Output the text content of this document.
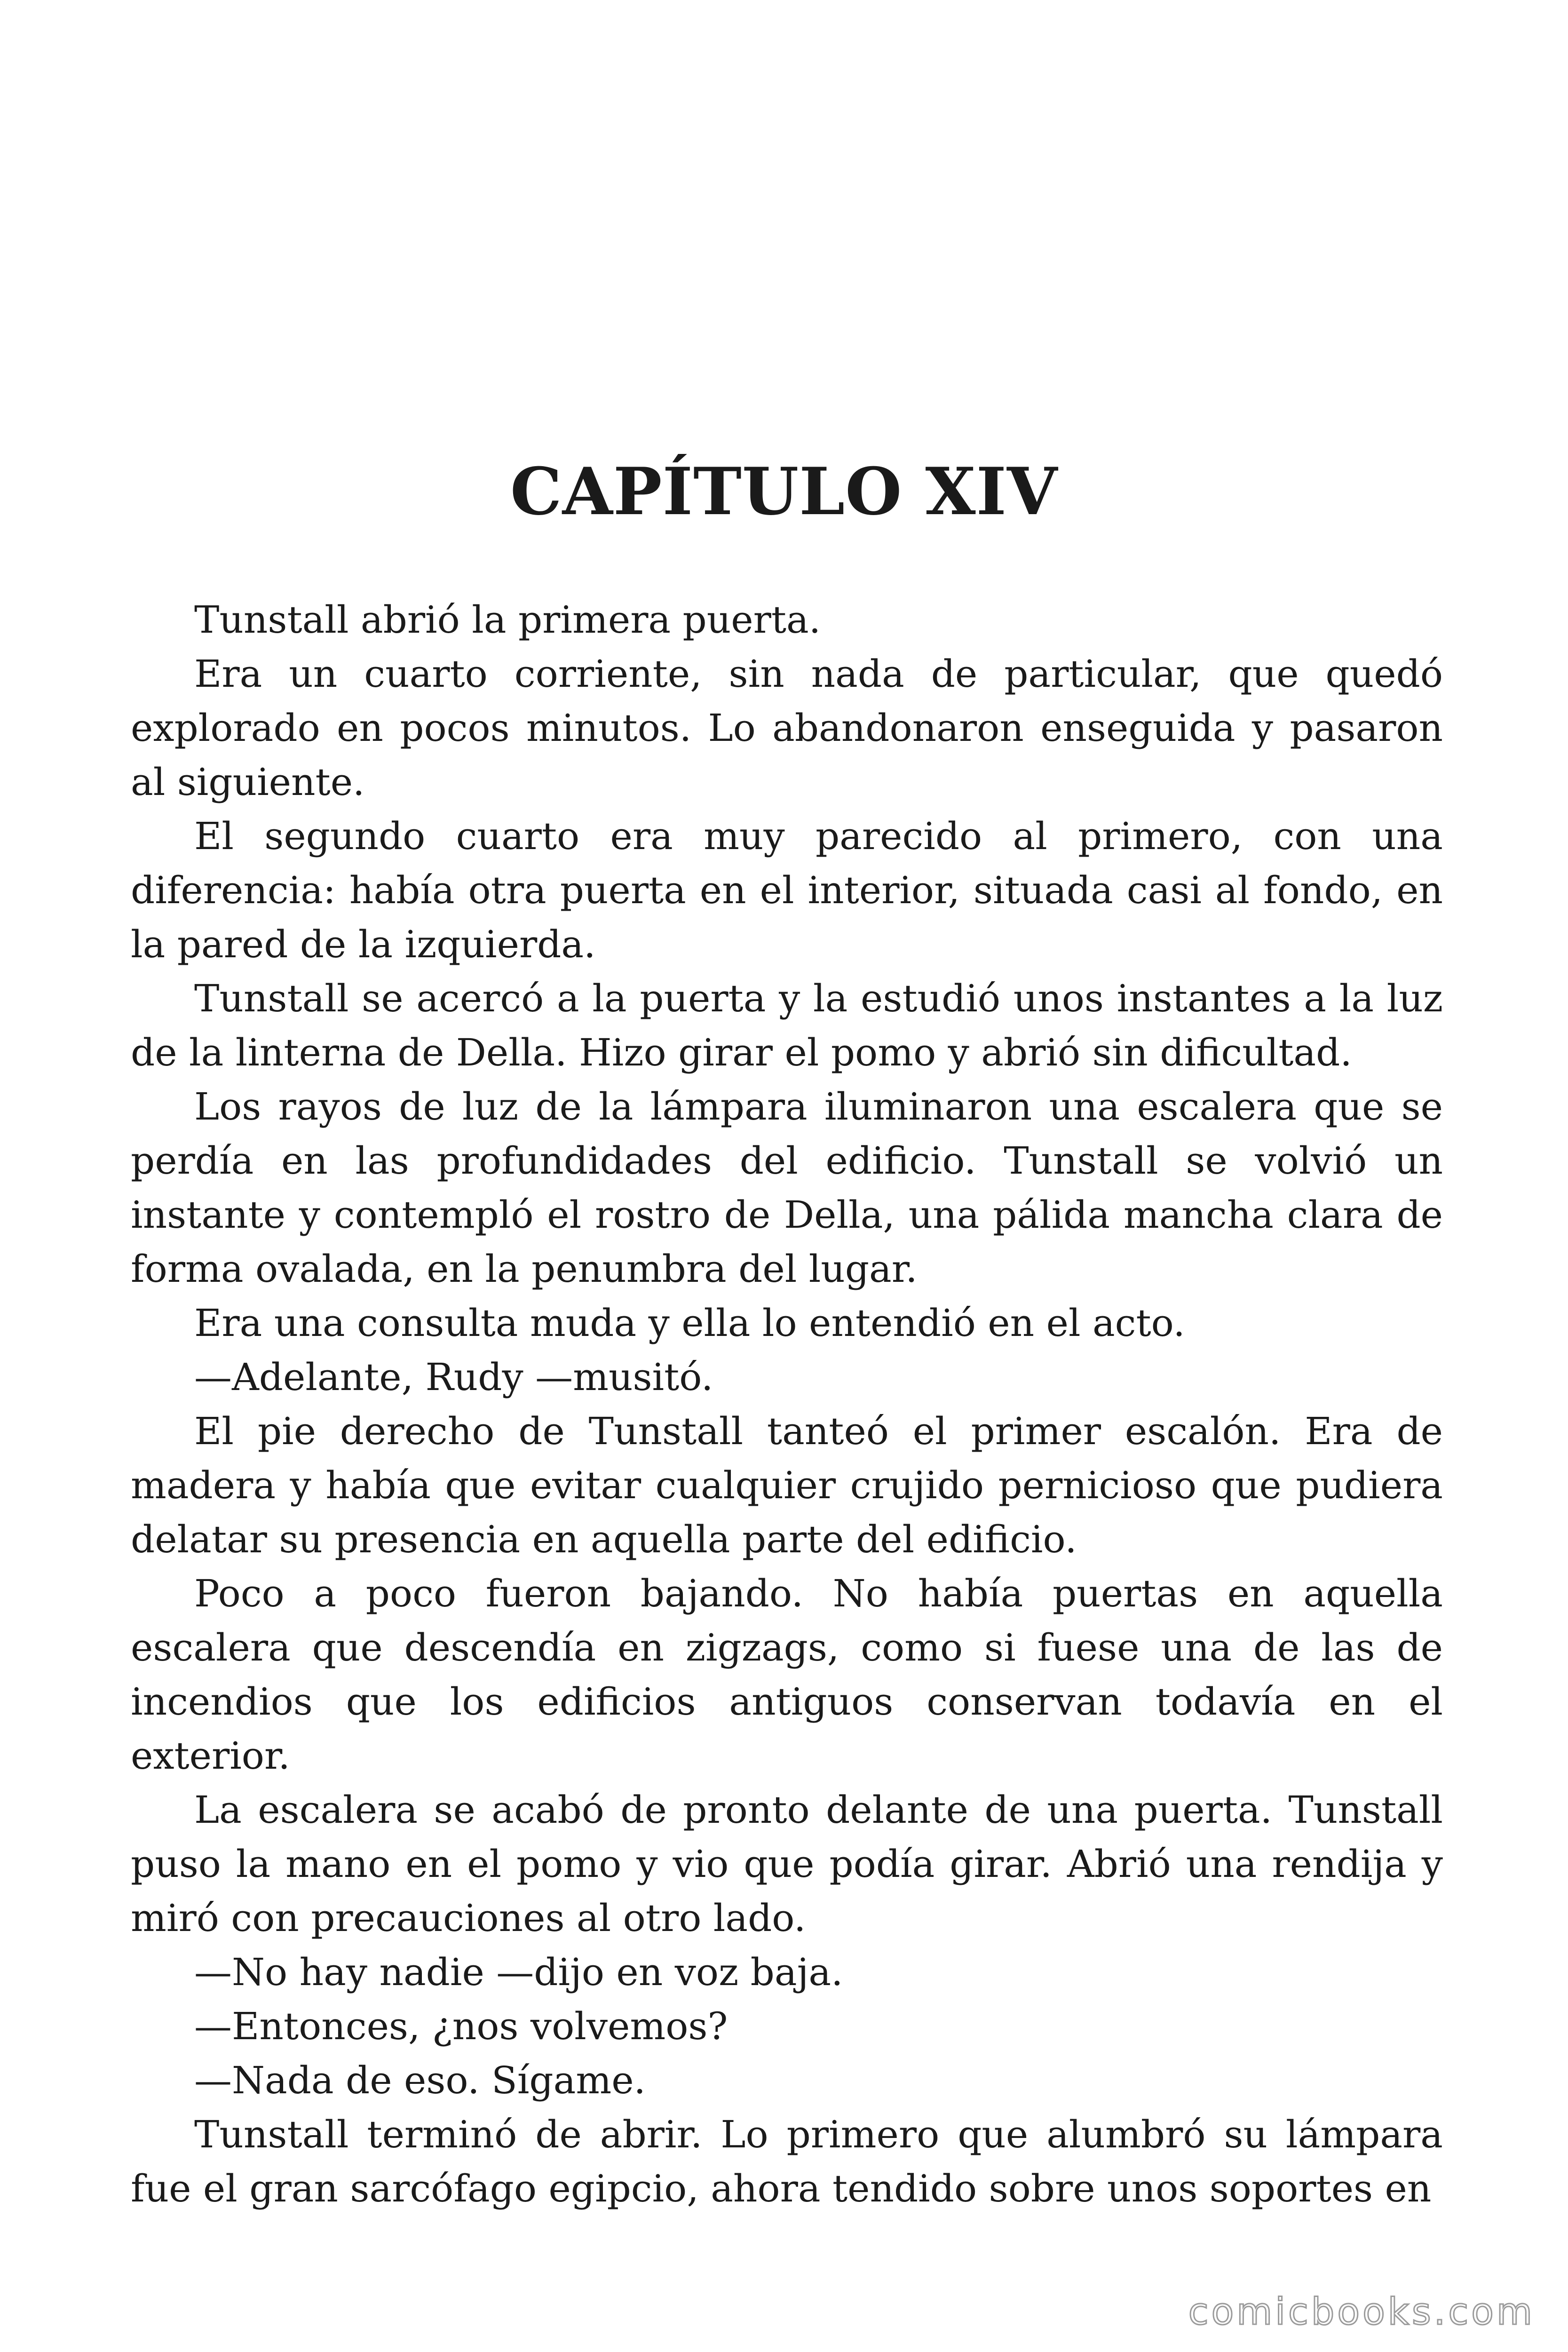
CAPÍTULO XIV

Tunstall abrió la primera puerta.

Era un cuarto corriente, sin nada de particular, que quedó explorado en pocos minutos. Lo abandonaron enseguida y pasaron al siguiente.

El segundo cuarto era muy parecido al primero, con una diferencia: había otra puerta en el interior, situada casi al fondo, en la pared de la izquierda.

Tunstall se acercó a la puerta y la estudió unos instantes a la luz de la linterna de Della. Hizo girar el pomo y abrió sin dificultad.

Los rayos de luz de la lámpara iluminaron una escalera que se perdía en las profundidades del edificio. Tunstall se volvió un instante y contempló el rostro de Della, una pálida mancha clara de forma ovalada, en la penumbra del lugar.

Era una consulta muda y ella lo entendió en el acto.

—Adelante, Rudy —musitó.

El pie derecho de Tunstall tanteó el primer escalón. Era de madera y había que evitar cualquier crujido pernicioso que pudiera delatar su presencia en aquella parte del edificio.

Poco a poco fueron bajando. No había puertas en aquella escalera que descendía en zigzags, como si fuese una de las de incendios que los edificios antiguos conservan todavía en el exterior.

La escalera se acabó de pronto delante de una puerta. Tunstall puso la mano en el pomo y vio que podía girar. Abrió una rendija y miró con precauciones al otro lado.

—No hay nadie —dijo en voz baja.

—Entonces, ¿nos volvemos?

—Nada de eso. Sígame.

Tunstall terminó de abrir. Lo primero que alumbró su lámpara fue el gran sarcófago egipcio, ahora tendido sobre unos soportes en

comicbooks.com
